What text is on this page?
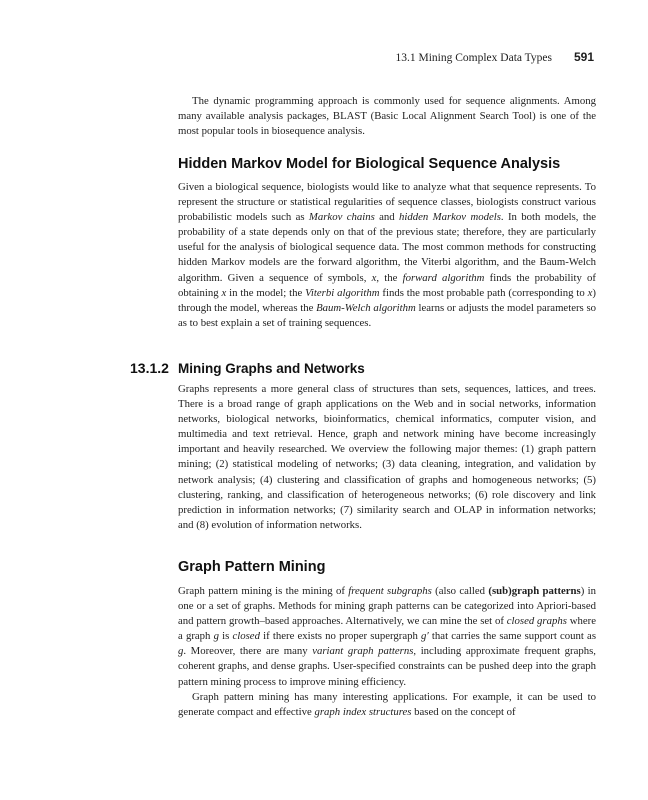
13.1 Mining Complex Data Types 591

The dynamic programming approach is commonly used for sequence alignments. Among many available analysis packages, BLAST (Basic Local Alignment Search Tool) is one of the most popular tools in biosequence analysis.

Hidden Markov Model for Biological Sequence Analysis

Given a biological sequence, biologists would like to analyze what that sequence represents. To represent the structure or statistical regularities of sequence classes, biologists construct various probabilistic models such as Markov chains and hidden Markov models. In both models, the probability of a state depends only on that of the previous state; therefore, they are particularly useful for the analysis of biological sequence data. The most common methods for constructing hidden Markov models are the forward algorithm, the Viterbi algorithm, and the Baum-Welch algorithm. Given a sequence of symbols, x, the forward algorithm finds the probability of obtaining x in the model; the Viterbi algorithm finds the most probable path (corresponding to x) through the model, whereas the Baum-Welch algorithm learns or adjusts the model parameters so as to best explain a set of training sequences.

13.1.2 Mining Graphs and Networks

Graphs represents a more general class of structures than sets, sequences, lattices, and trees. There is a broad range of graph applications on the Web and in social networks, information networks, biological networks, bioinformatics, chemical informatics, computer vision, and multimedia and text retrieval. Hence, graph and network mining have become increasingly important and heavily researched. We overview the following major themes: (1) graph pattern mining; (2) statistical modeling of networks; (3) data cleaning, integration, and validation by network analysis; (4) clustering and classification of graphs and homogeneous networks; (5) clustering, ranking, and classification of heterogeneous networks; (6) role discovery and link prediction in information networks; (7) similarity search and OLAP in information networks; and (8) evolution of information networks.

Graph Pattern Mining

Graph pattern mining is the mining of frequent subgraphs (also called (sub)graph patterns) in one or a set of graphs. Methods for mining graph patterns can be categorized into Apriori-based and pattern growth–based approaches. Alternatively, we can mine the set of closed graphs where a graph g is closed if there exists no proper supergraph g′ that carries the same support count as g. Moreover, there are many variant graph patterns, including approximate frequent graphs, coherent graphs, and dense graphs. User-specified constraints can be pushed deep into the graph pattern mining process to improve mining efficiency.

Graph pattern mining has many interesting applications. For example, it can be used to generate compact and effective graph index structures based on the concept of
